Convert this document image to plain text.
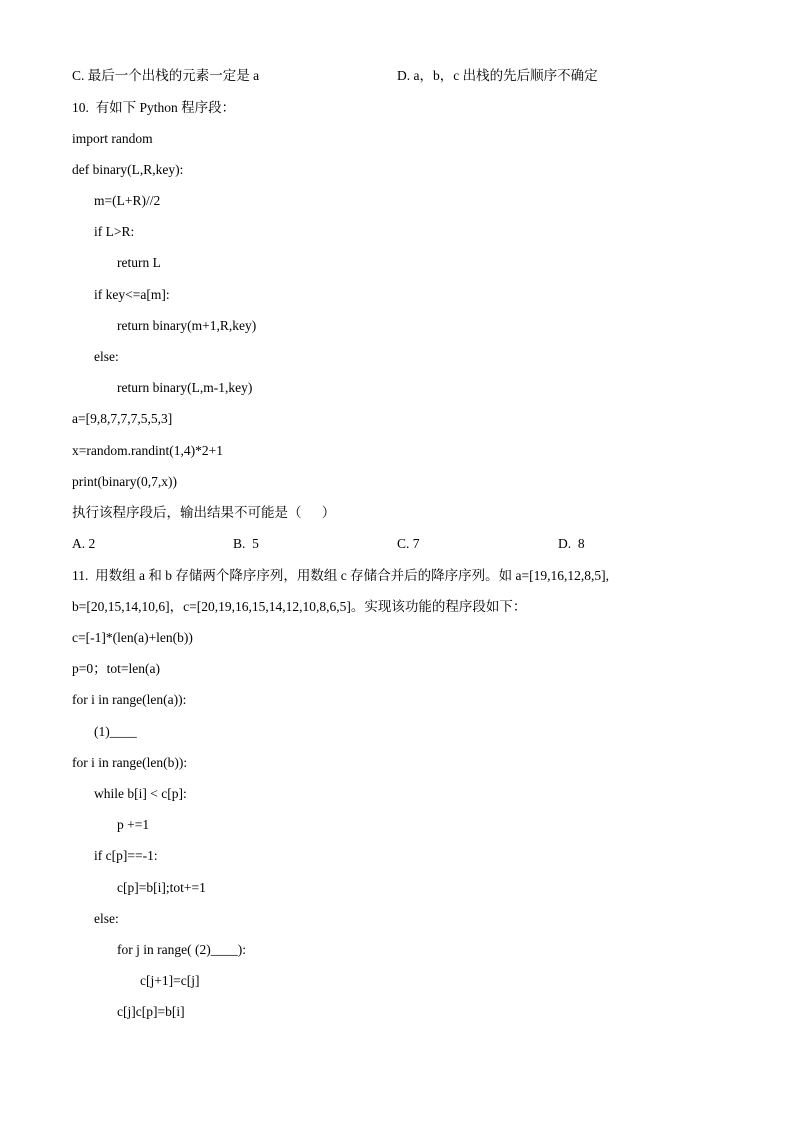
C. 最后一个出栈的元素一定是 a	D. a，b，c 出栈的先后顺序不确定
10.  有如下 Python 程序段：
import random
def binary(L,R,key):
m=(L+R)//2
if L>R:
return L
if key<=a[m]:
return binary(m+1,R,key)
else:
return binary(L,m-1,key)
a=[9,8,7,7,7,5,5,3]
x=random.randint(1,4)*2+1
print(binary(0,7,x))
执行该程序段后，输出结果不可能是（      ）
A. 2	B.  5	C. 7	D.  8
11.  用数组 a 和 b 存储两个降序序列，用数组 c 存储合并后的降序序列。如 a=[19,16,12,8,5],
b=[20,15,14,10,6]，c=[20,19,16,15,14,12,10,8,6,5]。实现该功能的程序段如下：
c=[-1]*(len(a)+len(b))
p=0；tot=len(a)
for i in range(len(a)):
(1)____
for i in range(len(b)):
while b[i] < c[p]:
p +=1
if c[p]==-1:
c[p]=b[i];tot+=1
else:
for j in range( (2)____):
c[j+1]=c[j]
c[j]c[p]=b[i]
